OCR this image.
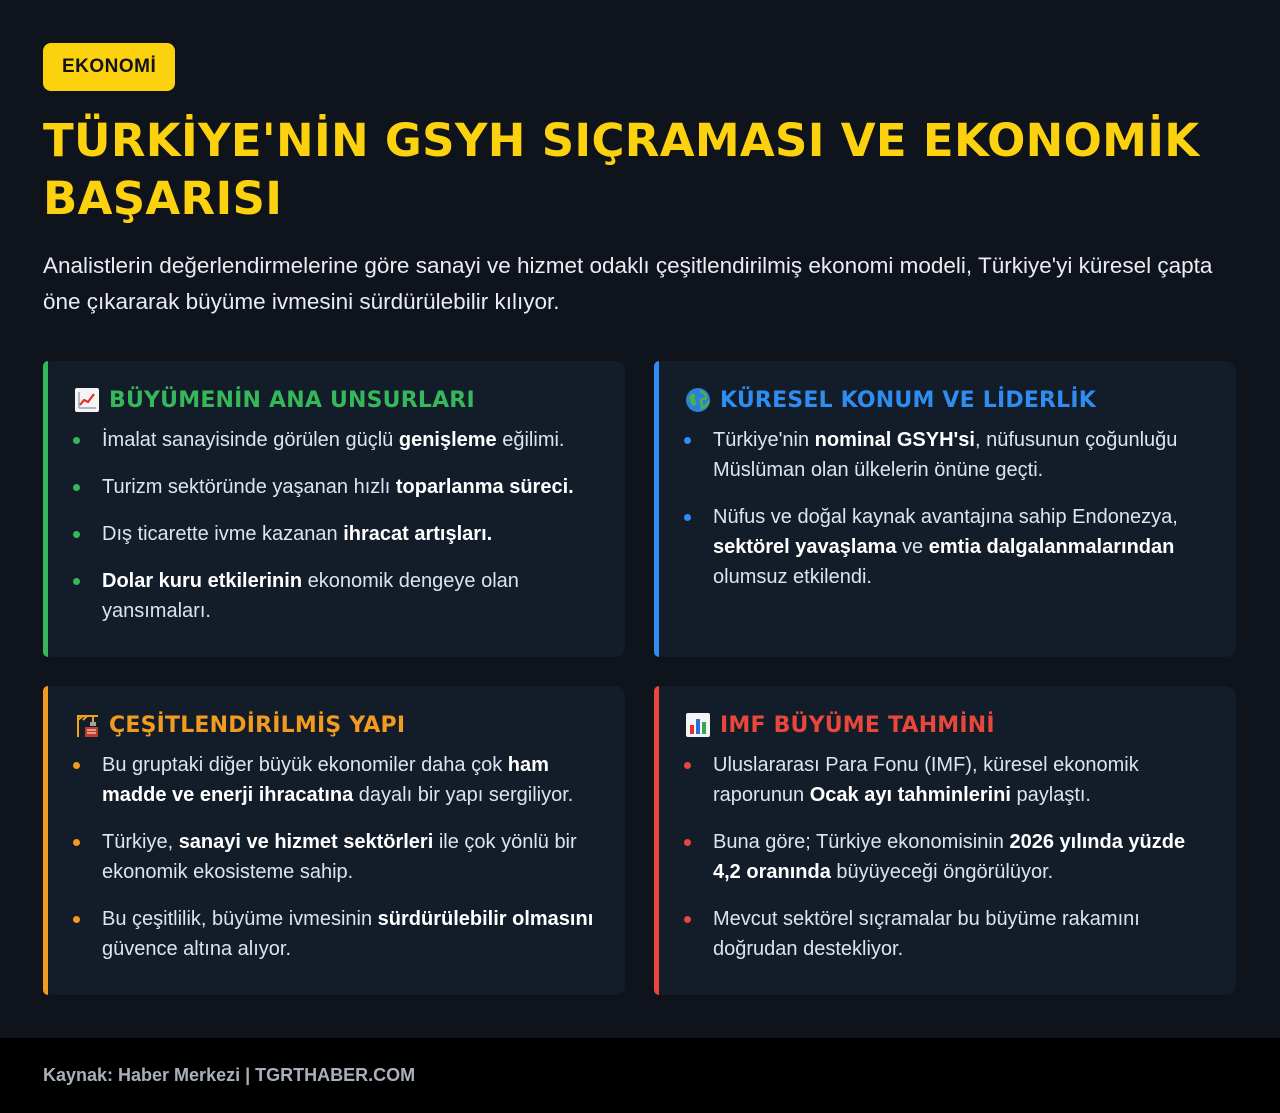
EKONOMİ
TÜRKİYE'NİN GSYH SIÇRAMASI VE EKONOMİK BAŞARISI

Analistlerin değerlendirmelerine göre sanayi ve hizmet odaklı çeşitlendirilmiş ekonomi modeli, Türkiye'yi küresel çapta öne çıkararak büyüme ivmesini sürdürülebilir kılıyor.

BÜYÜMENİN ANA UNSURLARI
İmalat sanayisinde görülen güçlü genişleme eğilimi.
Turizm sektöründe yaşanan hızlı toparlanma süreci.
Dış ticarette ivme kazanan ihracat artışları.
Dolar kuru etkilerinin ekonomik dengeye olan yansımaları.
KÜRESEL KONUM VE LİDERLİK
Türkiye'nin nominal GSYH'si, nüfusunun çoğunluğu Müslüman olan ülkelerin önüne geçti.
Nüfus ve doğal kaynak avantajına sahip Endonezya, sektörel yavaşlama ve emtia dalgalanmalarından olumsuz etkilendi.
ÇEŞİTLENDİRİLMİŞ YAPI
Bu gruptaki diğer büyük ekonomiler daha çok ham madde ve enerji ihracatına dayalı bir yapı sergiliyor.
Türkiye, sanayi ve hizmet sektörleri ile çok yönlü bir ekonomik ekosisteme sahip.
Bu çeşitlilik, büyüme ivmesinin sürdürülebilir olmasını güvence altına alıyor.
IMF BÜYÜME TAHMİNİ
Uluslararası Para Fonu (IMF), küresel ekonomik raporunun Ocak ayı tahminlerini paylaştı.
Buna göre; Türkiye ekonomisinin 2026 yılında yüzde 4,2 oranında büyüyeceği öngörülüyor.
Mevcut sektörel sıçramalar bu büyüme rakamını doğrudan destekliyor.
Kaynak: Haber Merkezi | TGRTHABER.COM
